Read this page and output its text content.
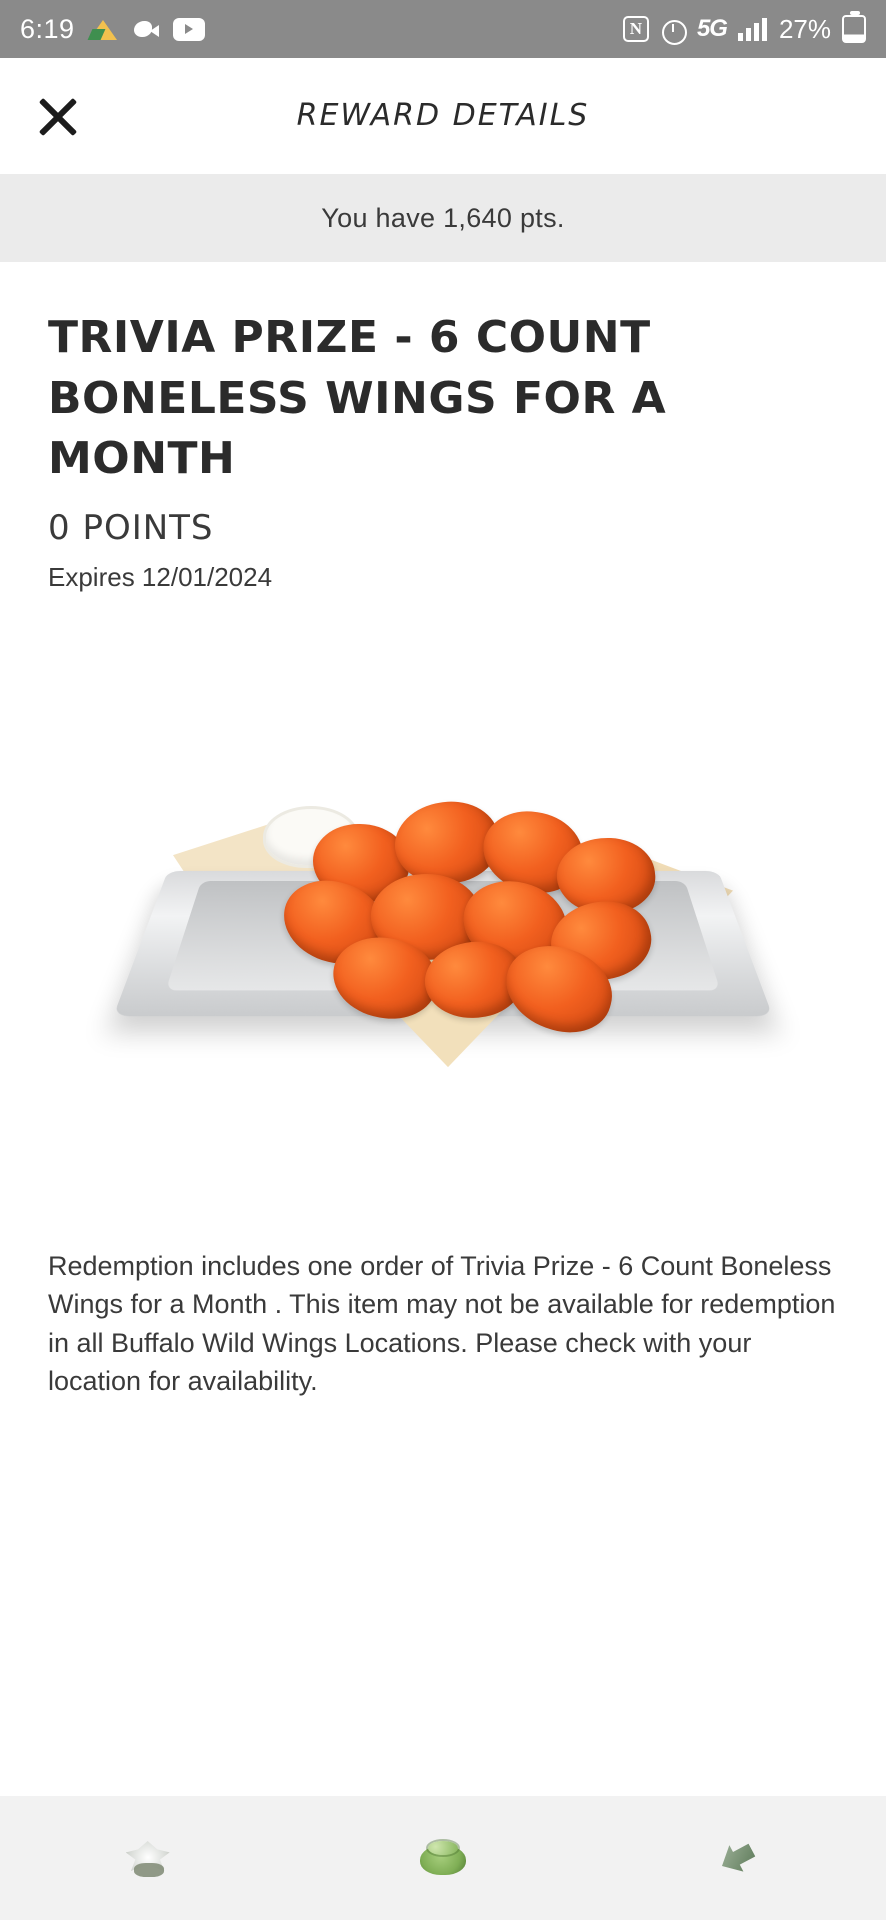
6:19	N 5G 27%
REWARD DETAILS
You have 1,640 pts.
TRIVIA PRIZE - 6 COUNT BONELESS WINGS FOR A MONTH
0 POINTS
Expires 12/01/2024
Redemption includes one order of Trivia Prize - 6 Count Boneless Wings for a Month . This item may not be available for redemption in all Buffalo Wild Wings Locations. Please check with your location for availability.
